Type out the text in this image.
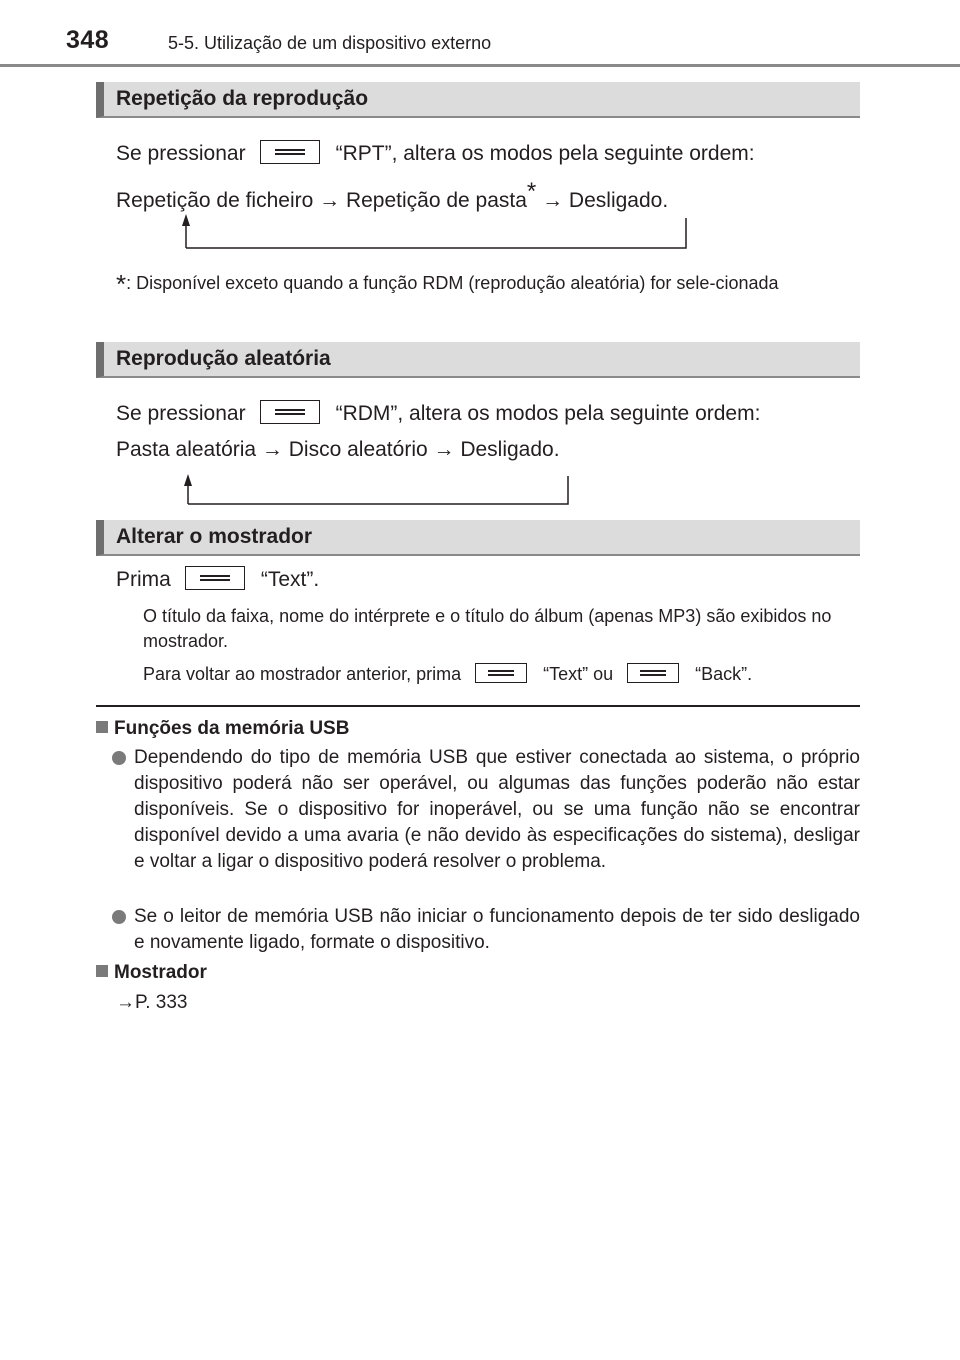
348	5-5. Utilização de um dispositivo externo
Repetição da reprodução
Se pressionar	“RPT”, altera os modos pela seguinte ordem:
Repetição de ficheiro → Repetição de pasta* → Desligado.
*: Disponível exceto quando a função RDM (reprodução aleatória) for sele-cionada
Reprodução aleatória
Se pressionar	“RDM”, altera os modos pela seguinte ordem:
Pasta aleatória → Disco aleatório → Desligado.
Alterar o mostrador
Prima	“Text”.
O título da faixa, nome do intérprete e o título do álbum (apenas MP3) são exibidos no mostrador.
Para voltar ao mostrador anterior, prima	“Text” ou	“Back”.
Funções da memória USB
Dependendo do tipo de memória USB que estiver conectada ao sistema, o próprio dispositivo poderá não ser operável, ou algumas das funções poderão não estar disponíveis. Se o dispositivo for inoperável, ou se uma função não se encontrar disponível devido a uma avaria (e não devido às especificações do sistema), desligar e voltar a ligar o dispositivo poderá resolver o problema.
Se o leitor de memória USB não iniciar o funcionamento depois de ter sido desligado e novamente ligado, formate o dispositivo.
Mostrador
→P. 333
